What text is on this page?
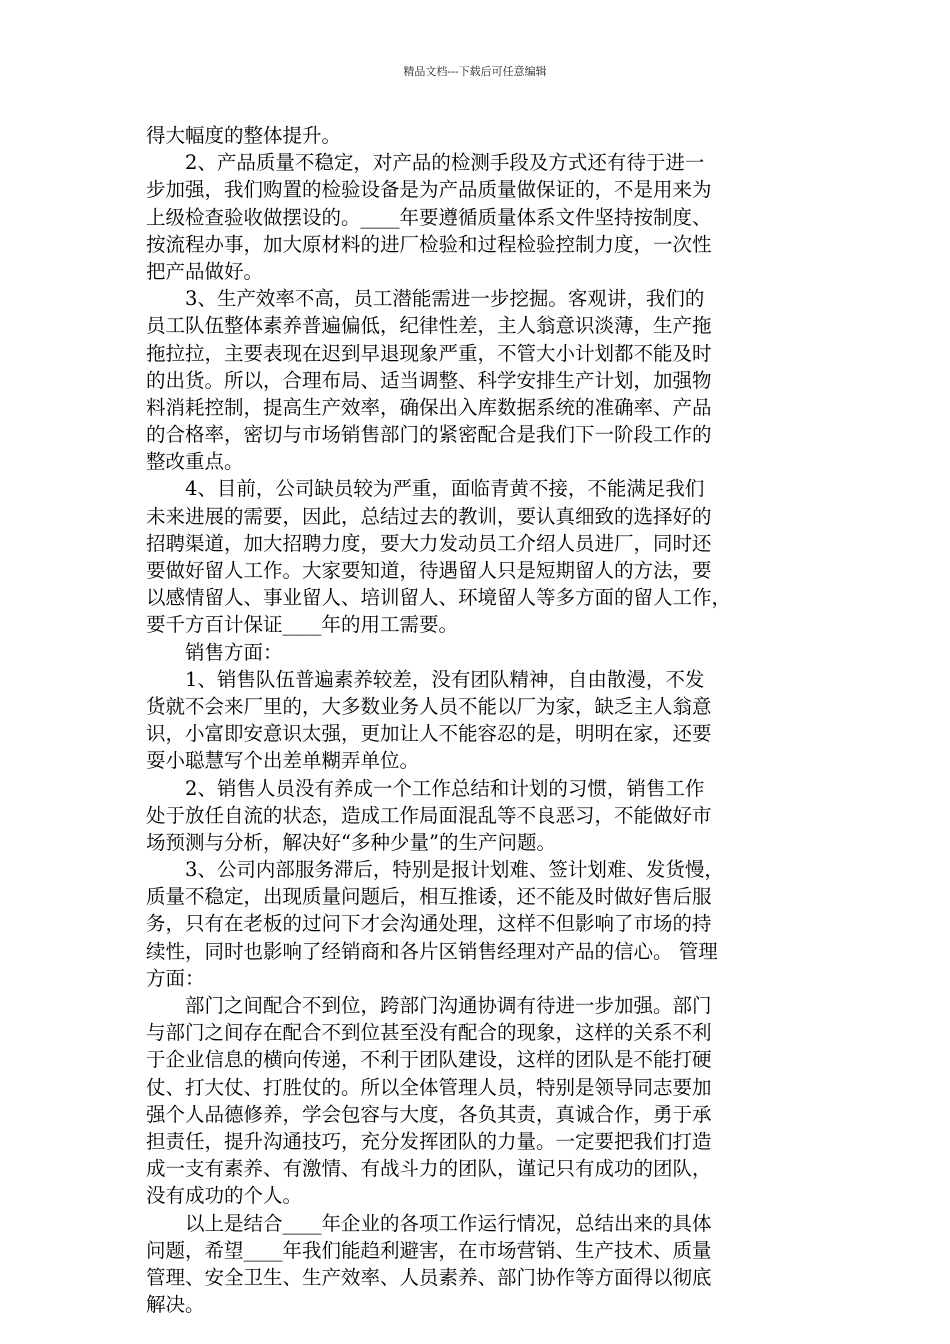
精品文档---下载后可任意编辑
得大幅度的整体提升。
　　2、产品质量不稳定，对产品的检测手段及方式还有待于进一
步加强，我们购置的检验设备是为产品质量做保证的，不是用来为
上级检查验收做摆设的。____年要遵循质量体系文件坚持按制度、
按流程办事，加大原材料的进厂检验和过程检验控制力度，一次性
把产品做好。
　　3、生产效率不高，员工潜能需进一步挖掘。客观讲，我们的
员工队伍整体素养普遍偏低，纪律性差，主人翁意识淡薄，生产拖
拖拉拉，主要表现在迟到早退现象严重，不管大小计划都不能及时
的出货。所以，合理布局、适当调整、科学安排生产计划，加强物
料消耗控制，提高生产效率，确保出入库数据系统的准确率、产品
的合格率，密切与市场销售部门的紧密配合是我们下一阶段工作的
整改重点。
　　4、目前，公司缺员较为严重，面临青黄不接，不能满足我们
未来进展的需要，因此，总结过去的教训，要认真细致的选择好的
招聘渠道，加大招聘力度，要大力发动员工介绍人员进厂，同时还
要做好留人工作。大家要知道，待遇留人只是短期留人的方法，要
以感情留人、事业留人、培训留人、环境留人等多方面的留人工作，
要千方百计保证____年的用工需要。
　　销售方面：
　　1、销售队伍普遍素养较差，没有团队精神，自由散漫，不发
货就不会来厂里的，大多数业务人员不能以厂为家，缺乏主人翁意
识，小富即安意识太强，更加让人不能容忍的是，明明在家，还要
耍小聪慧写个出差单糊弄单位。
　　2、销售人员没有养成一个工作总结和计划的习惯，销售工作
处于放任自流的状态，造成工作局面混乱等不良恶习，不能做好市
场预测与分析，解决好“多种少量”的生产问题。
　　3、公司内部服务滞后，特别是报计划难、签计划难、发货慢，
质量不稳定，出现质量问题后，相互推诿，还不能及时做好售后服
务，只有在老板的过问下才会沟通处理，这样不但影响了市场的持
续性，同时也影响了经销商和各片区销售经理对产品的信心。 管理
方面：
　　部门之间配合不到位，跨部门沟通协调有待进一步加强。部门
与部门之间存在配合不到位甚至没有配合的现象，这样的关系不利
于企业信息的横向传递，不利于团队建设，这样的团队是不能打硬
仗、打大仗、打胜仗的。所以全体管理人员，特别是领导同志要加
强个人品德修养，学会包容与大度，各负其责，真诚合作，勇于承
担责任，提升沟通技巧，充分发挥团队的力量。一定要把我们打造
成一支有素养、有激情、有战斗力的团队，谨记只有成功的团队，
没有成功的个人。
　　以上是结合____年企业的各项工作运行情况，总结出来的具体
问题，希望____年我们能趋利避害，在市场营销、生产技术、质量
管理、安全卫生、生产效率、人员素养、部门协作等方面得以彻底
解决。
